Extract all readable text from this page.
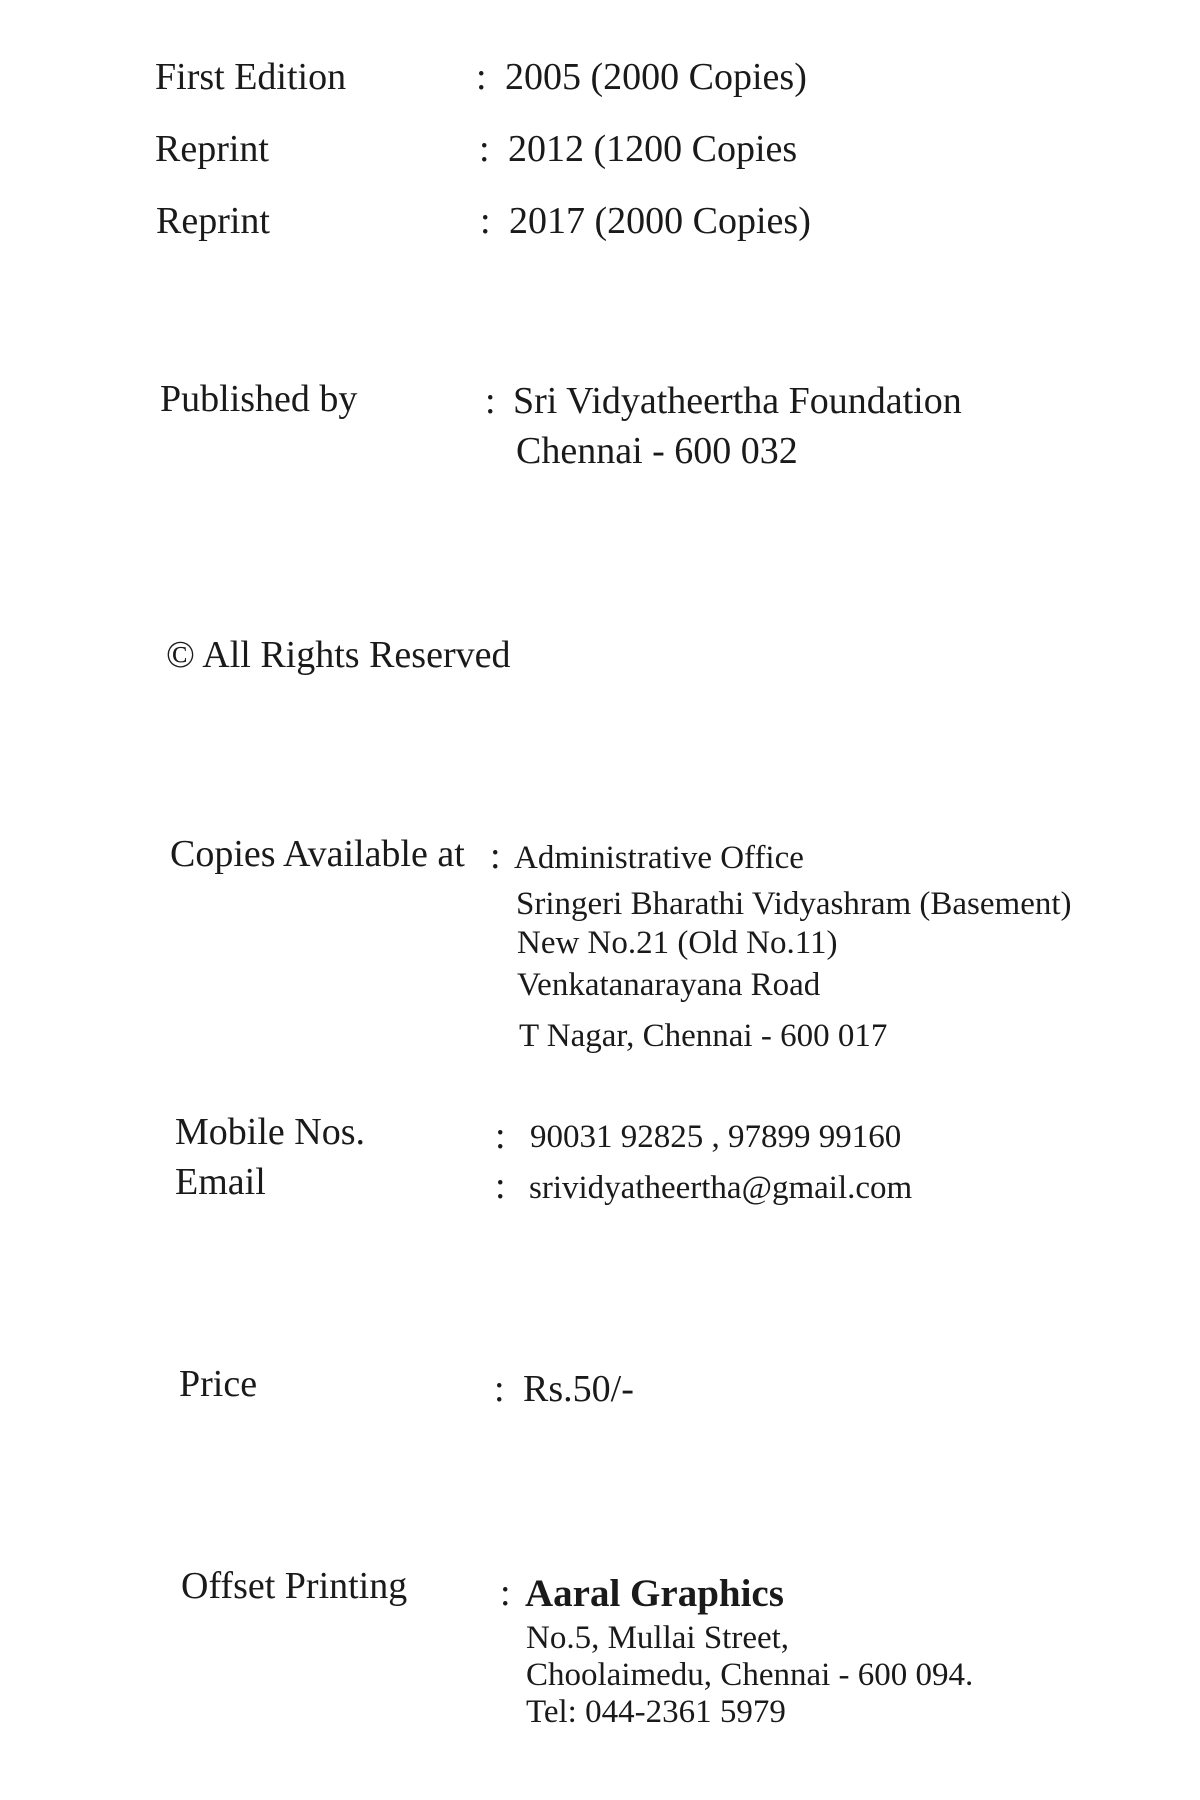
First Edition	: 2005 (2000 Copies)
Reprint	: 2012 (1200 Copies
Reprint	: 2017 (2000 Copies)
Published by	: Sri Vidyatheertha Foundation
Chennai - 600 032
© All Rights Reserved
Copies Available at : Administrative Office
Sringeri Bharathi Vidyashram (Basement)
New No.21 (Old No.11)
Venkatanarayana Road
T Nagar, Chennai - 600 017
Mobile Nos.	: 90031 92825 , 97899 99160
Email	: srividyatheertha@gmail.com
Price	: Rs.50/-
Offset Printing : Aaral Graphics
No.5, Mullai Street,
Choolaimedu, Chennai - 600 094.
Tel: 044-2361 5979
